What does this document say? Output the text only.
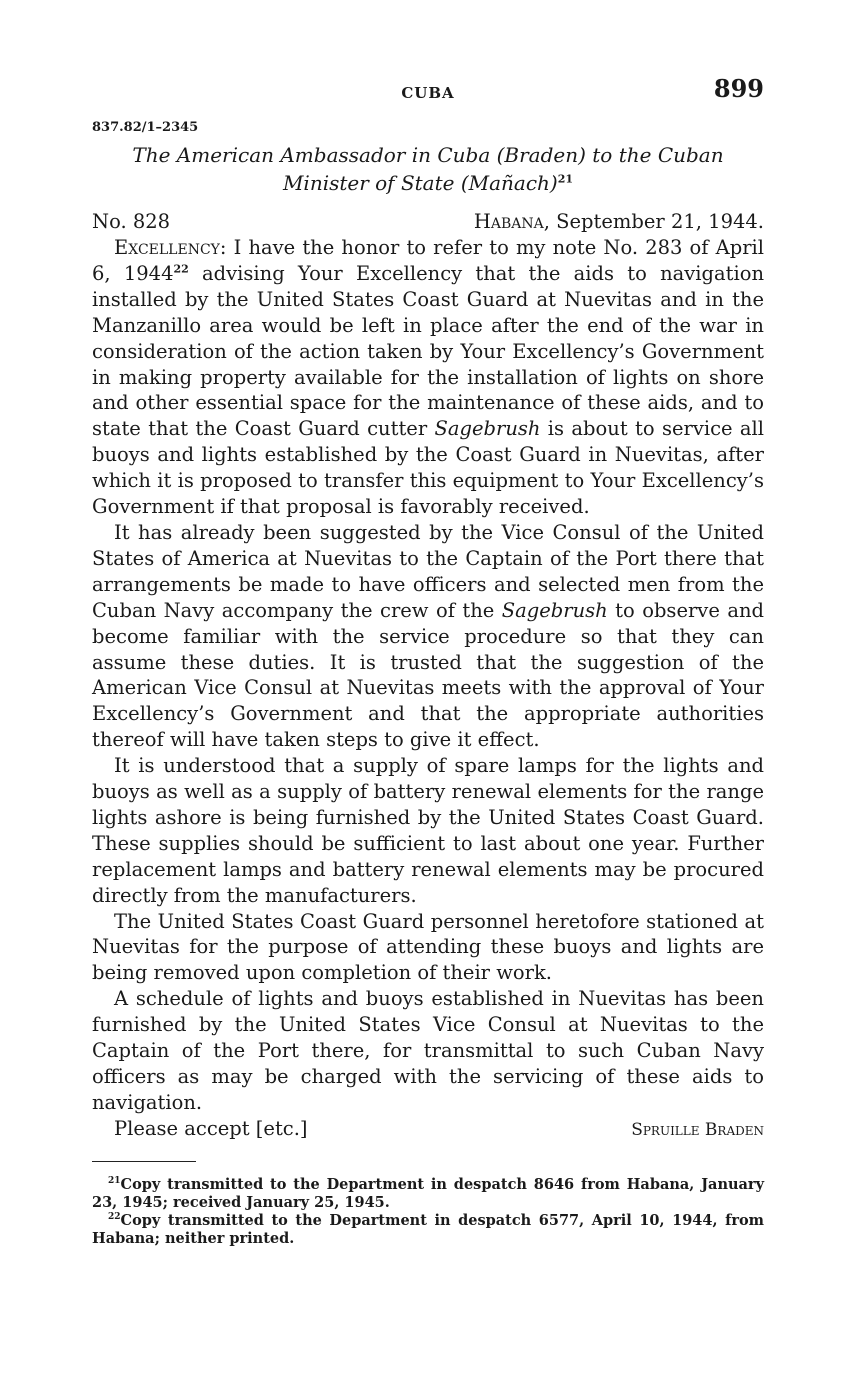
CUBA	899
837.82/1–2345
The American Ambassador in Cuba (Braden) to the Cuban
Minister of State (Mañach)$^{21}$
No. 828	Habana, September 21, 1944.

Excellency: I have the honor to refer to my note No. 283 of April 6, 1944$^{22}$ advising Your Excellency that the aids to navigation installed by the United States Coast Guard at Nuevitas and in the Manzanillo area would be left in place after the end of the war in consideration of the action taken by Your Excellency’s Government in making property available for the installation of lights on shore and other essential space for the maintenance of these aids, and to state that the Coast Guard cutter Sagebrush is about to service all buoys and lights established by the Coast Guard in Nuevitas, after which it is proposed to transfer this equipment to Your Excellency’s Government if that proposal is favorably received.

It has already been suggested by the Vice Consul of the United States of America at Nuevitas to the Captain of the Port there that arrangements be made to have officers and selected men from the Cuban Navy accompany the crew of the Sagebrush to observe and become familiar with the service procedure so that they can assume these duties. It is trusted that the suggestion of the American Vice Consul at Nuevitas meets with the approval of Your Excellency’s Government and that the appropriate authorities thereof will have taken steps to give it effect.

It is understood that a supply of spare lamps for the lights and buoys as well as a supply of battery renewal elements for the range lights ashore is being furnished by the United States Coast Guard. These supplies should be sufficient to last about one year. Further replacement lamps and battery renewal elements may be procured directly from the manufacturers.

The United States Coast Guard personnel heretofore stationed at Nuevitas for the purpose of attending these buoys and lights are being removed upon completion of their work.

A schedule of lights and buoys established in Nuevitas has been furnished by the United States Vice Consul at Nuevitas to the Captain of the Port there, for transmittal to such Cuban Navy officers as may be charged with the servicing of these aids to navigation.

Please accept [etc.]	Spruille Braden

$^{21}$Copy transmitted to the Department in despatch 8646 from Habana, January 23, 1945; received January 25, 1945.

$^{22}$Copy transmitted to the Department in despatch 6577, April 10, 1944, from Habana; neither printed.
